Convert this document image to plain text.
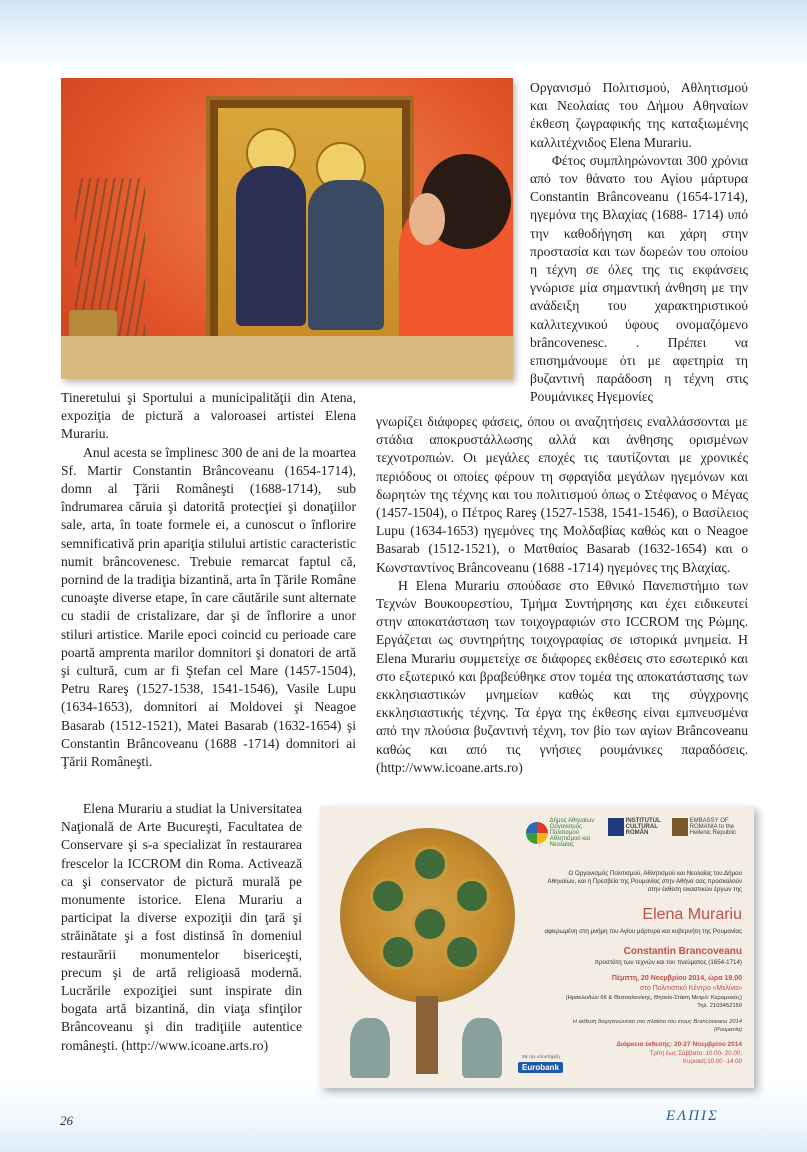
Οργανισμό Πολιτισμού, Αθλητισμού και Νεολαίας του Δήμου Αθηναίων έκθεση ζωγραφικής της καταξιωμένης καλλιτέχνιδος Elena Murariu.

Φέτος συμπληρώνονται 300 χρόνια από τον θάνατο του Αγίου μάρτυρα Constantin Brâncoveanu (1654-1714), ηγεμόνα της Βλαχίας (1688- 1714) υπό την καθοδήγηση και χάρη στην προστασία και των δωρεών του οποίου η τέχνη σε όλες της τις εκφάνσεις γνώρισε μία σημαντική άνθηση με την ανάδειξη του χαρακτηριστικού καλλιτεχνικού ύφους ονομαζόμενο brâncovenesc. . Πρέπει να επισημάνουμε ότι με αφετηρία τη βυζαντινή παράδοση η τέχνη στις Ρουμάνικες Ηγεμονίες

Tineretului şi Sportului a municipalităţii din Atena, expoziţia de pictură a valoroasei artistei Elena Murariu.

Anul acesta se împlinesc 300 de ani de la moartea Sf. Martir Constantin Brâncoveanu (1654-1714), domn al Ţării Româneşti (1688-1714), sub îndrumarea căruia şi datorită protecţiei şi donaţiilor sale, arta, în toate formele ei, a cunoscut o înflorire semnificativă prin apariţia stilului artistic caracteristic numit brâncovenesc. Trebuie remarcat faptul că, pornind de la tradiţia bizantină, arta în Ţările Române cunoaşte diverse etape, în care căutările sunt alternate cu stadii de cristalizare, dar şi de înflorire a unor stiluri artistice. Marile epoci coincid cu perioade care poartă amprenta marilor domnitori şi donatori de artă şi cultură, cum ar fi Ştefan cel Mare (1457-1504), Petru Rareş (1527-1538, 1541-1546), Vasile Lupu (1634-1653), domnitori ai Moldovei şi Neagoe Basarab (1512-1521), Matei Basarab (1632-1654) şi Constantin Brâncoveanu (1688 -1714) domnitori ai Ţării Româneşti.

γνωρίζει διάφορες φάσεις, όπου οι αναζητήσεις εναλλάσσονται με στάδια αποκρυστάλλωσης αλλά και άνθησης ορισμένων τεχνοτροπιών. Οι μεγάλες εποχές τις ταυτίζονται με χρονικές περιόδους οι οποίες φέρουν τη σφραγίδα μεγάλων ηγεμόνων και δωρητών της τέχνης και του πολιτισμού όπως ο Στέφανος ο Μέγας (1457-1504), ο Πέτρος Rareş (1527-1538, 1541-1546), ο Βασίλειος Lupu (1634-1653) ηγεμόνες της Μολδαβίας καθώς και ο Neagoe Basarab (1512-1521), ο Ματθαίος Basarab (1632-1654) και ο Κωνσταντίνος Brâncoveanu (1688 -1714) ηγεμόνες της Βλαχίας.

Η Elena Murariu σπούδασε στο Εθνικό Πανεπιστήμιο των Τεχνών Βουκουρεστίου, Τμήμα Συντήρησης και έχει ειδικευτεί στην αποκατάσταση των τοιχογραφιών στο ICCROM της Ρώμης. Εργάζεται ως συντηρήτης τοιχογραφίας σε ιστορικά μνημεία. Η Elena Murariu συμμετείχε σε διάφορες εκθέσεις στο εσωτερικό και στο εξωτερικό και βραβεύθηκε στον τομέα της αποκατάστασης των εκκλησιαστικών μνημείων καθώς και της σύγχρονης εκκλησιαστικής τέχνης. Τα έργα της έκθεσης είναι εμπνευσμένα από την πλούσια βυζαντινή τέχνη, τον βίο των αγίων Brâncoveanu καθώς και από τις γνήσιες ρουμάνικες παραδόσεις. (http://www.icoane.arts.ro)

Elena Murariu a studiat la Universitatea Naţională de Arte Bucureşti, Facultatea de Conservare şi s-a specializat în restaurarea frescelor la ICCROM din Roma. Activează ca şi conservator de pictură murală pe monumente istorice. Elena Murariu a participat la diverse expoziţii din ţară şi străinătate şi a fost distinsă în domeniul restaurării monumentelor bisericeşti, precum şi de artă religioasă modernă. Lucrările expoziţiei sunt inspirate din bogata artă bizantină, din viaţa sfinţilor Brâncoveanu şi din tradiţiile autentice româneşti. (http://www.icoane.arts.ro)

Δήμος Αθηναίων Οργανισμός Πολιτισμού Αθλητισμού και Νεολαίας
INSTITUTUL CULTURAL ROMÂN
EMBASSY OF ROMANIA to the Hellenic Republic
Ο Οργανισμός Πολιτισμού, Αθλητισμού και Νεολαίας του Δήμου Αθηναίων, και η Πρεσβεία της Ρουμανίας στην Αθήνα σας προσκαλούν στην έκθεση εικαστικών έργων της
Elena Murariu
αφιερωμένη στη μνήμη του Αγίου μάρτυρα και κυβερνήτη της Ρουμανίας
Constantin Brancoveanu
προστάτη των τεχνών και του πνεύματος (1654-1714)
Πέμπτη, 20 Νοεμβρίου 2014, ώρα 19.00
στο Πολιτιστικό Κέντρο «Μελίνα»
(Ηρακλειδών 66 & Θεσσαλονίκης, Θησείο-Στάση Μετρό: Κεραμεικός)
Τηλ. 2103452150
Η έκθεση διοργανώνεται στο πλαίσιο του έτους Brancoveanu 2014 (Ρουμανία)
Διάρκεια έκθεσης: 20-27 Νοεμβρίου 2014
Τρίτη έως Σάββατο: 10.00- 20.00,
Κυριακή:10.00 -14.00
Με την υποστήριξη
Eurobank
26	ΕΛΠΙΣ
